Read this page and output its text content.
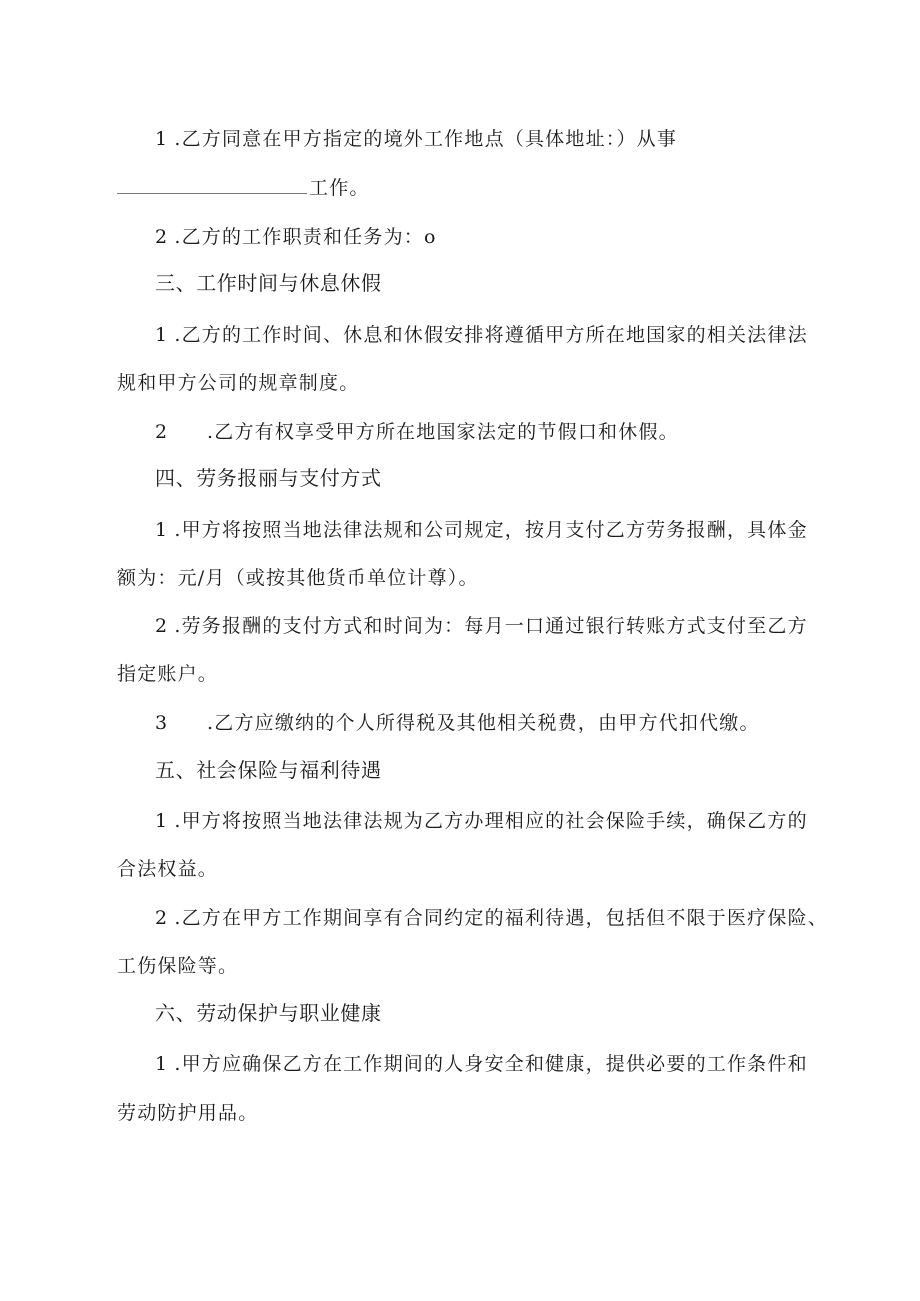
1 .乙方同意在甲方指定的境外工作地点（具体地址：）从事
工作。
2 .乙方的工作职责和任务为：o
三、工作时间与休息休假
1 .乙方的工作时间、休息和休假安排将遵循甲方所在地国家的相关法律法
规和甲方公司的规章制度。
2 .乙方有权享受甲方所在地国家法定的节假口和休假。
四、劳务报丽与支付方式
1 .甲方将按照当地法律法规和公司规定，按月支付乙方劳务报酬，具体金
额为：元/月（或按其他货币单位计尊）。
2 .劳务报酬的支付方式和时间为：每月一口通过银行转账方式支付至乙方
指定账户。
3 .乙方应缴纳的个人所得税及其他相关税费，由甲方代扣代缴。
五、社会保险与福利待遇
1 .甲方将按照当地法律法规为乙方办理相应的社会保险手续，确保乙方的
合法权益。
2 .乙方在甲方工作期间享有合同约定的福利待遇，包括但不限于医疗保险、
工伤保险等。
六、劳动保护与职业健康
1 .甲方应确保乙方在工作期间的人身安全和健康，提供必要的工作条件和
劳动防护用品。
